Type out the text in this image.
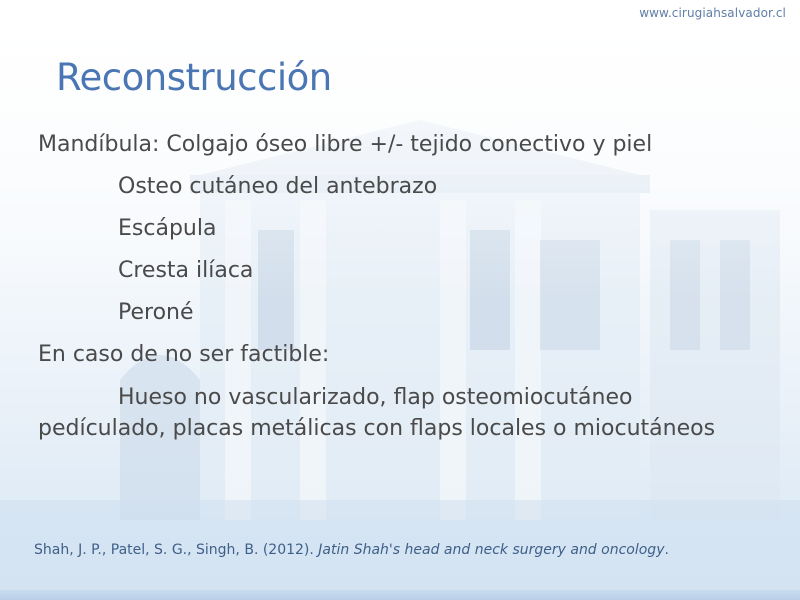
www.cirugiahsalvador.cl
Reconstrucción
Mandíbula: Colgajo óseo libre +/- tejido conectivo y piel
Osteo cutáneo del antebrazo
Escápula
Cresta ilíaca
Peroné
En caso de no ser factible:
Hueso no vascularizado, flap osteomiocutáneo pedículado, placas metálicas con flaps locales o miocutáneos
Shah, J. P., Patel, S. G., Singh, B. (2012). Jatin Shah's head and neck surgery and oncology.
